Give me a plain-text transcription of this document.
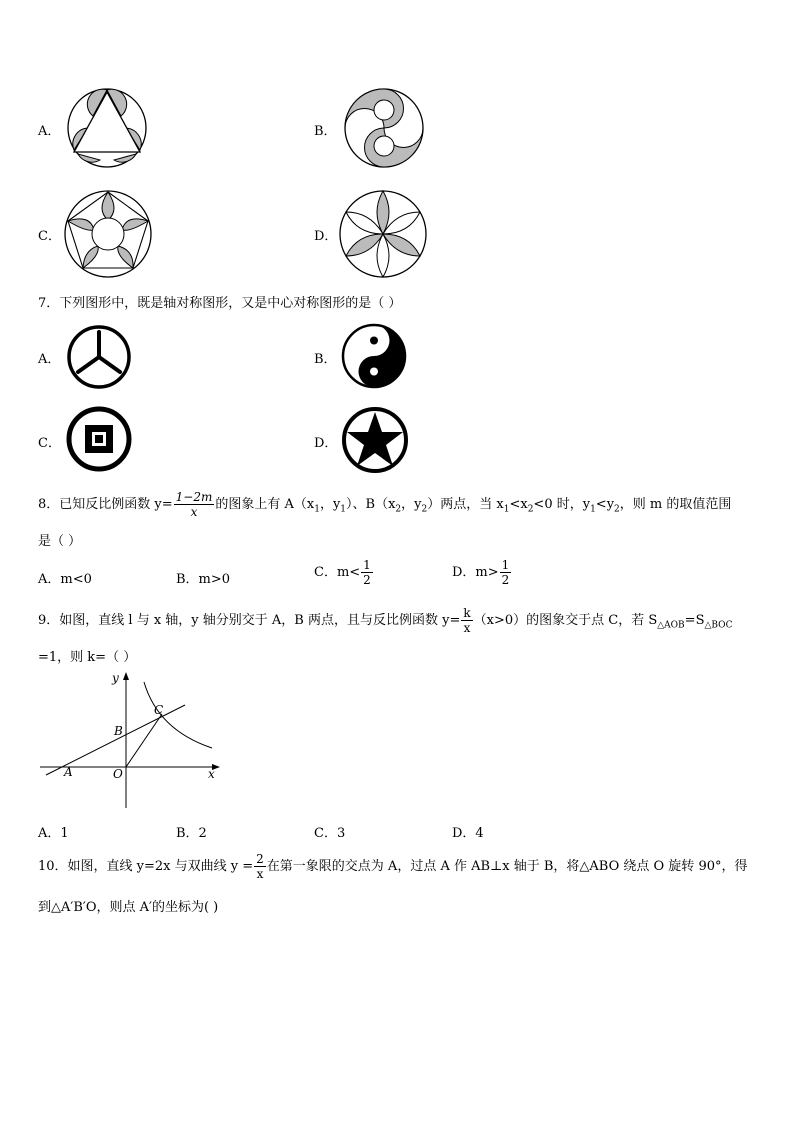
A．	B．
C．	D．
7．下列图形中，既是轴对称图形，又是中心对称图形的是（ ）
A．	B．
C．	D．
8．已知反比例函数 $y= \frac{1-2m}{x}$ 的图象上有 $A(x_1$，$y_1$）、$B(x_2$，$y_2$）两点，当 $x_1<x_2<0$ 时，$y_1<y_2$，则 m 的取值范围
是（ ）
A．m<0	B．m>0	C．$m< \frac{1}{2}$	D．$m> \frac{1}{2}$
9．如图，直线 l 与 x 轴，y 轴分别交于 A，B 两点，且与反比例函数 $y= \frac{k}{x} (x>0)$的图象交于点 C，若 $S_{\triangle AOB}=S_{\triangle BOC}$
=1，则 k=（ ）
y
x
C
B
A	O
A．1	B．2	C．3	D．4
10．如图，直线 y=2x 与双曲线 $y = \frac{2}{x}$ 在第一象限的交点为 A，过点 A 作 AB⊥x 轴于 B，将△ABO 绕点 O 旋转 90°，得
到△A′B′O，则点 A′的坐标为( )
